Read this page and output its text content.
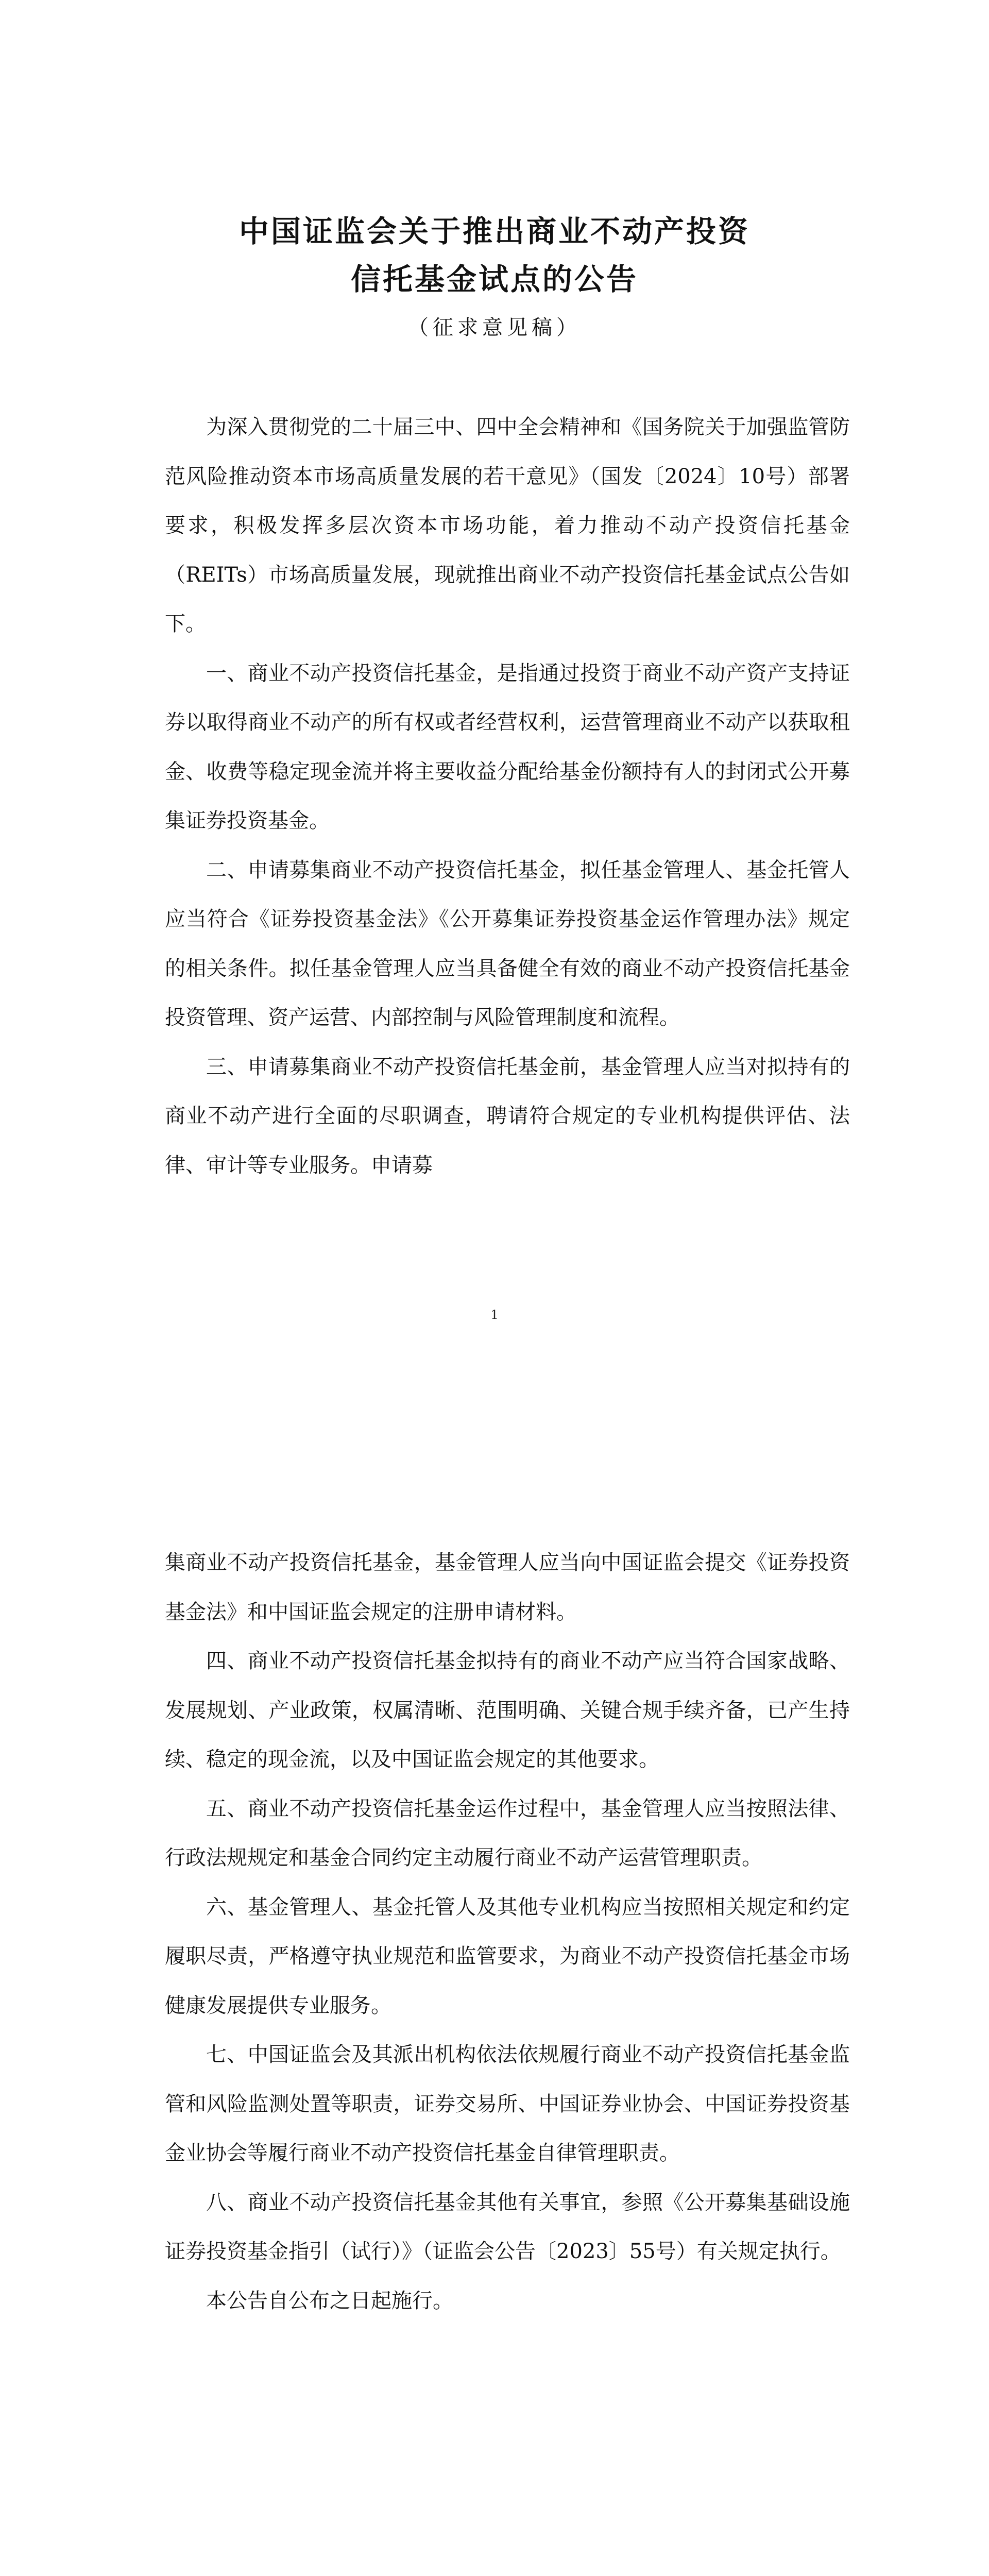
中国证监会关于推出商业不动产投资
信托基金试点的公告
（征求意见稿）

为深入贯彻党的二十届三中、四中全会精神和《国务院关于加强监管防范风险推动资本市场高质量发展的若干意见》（国发〔2024〕10号）部署要求，积极发挥多层次资本市场功能，着力推动不动产投资信托基金（REITs）市场高质量发展，现就推出商业不动产投资信托基金试点公告如下。

一、商业不动产投资信托基金，是指通过投资于商业不动产资产支持证券以取得商业不动产的所有权或者经营权利，运营管理商业不动产以获取租金、收费等稳定现金流并将主要收益分配给基金份额持有人的封闭式公开募集证券投资基金。

二、申请募集商业不动产投资信托基金，拟任基金管理人、基金托管人应当符合《证券投资基金法》《公开募集证券投资基金运作管理办法》规定的相关条件。拟任基金管理人应当具备健全有效的商业不动产投资信托基金投资管理、资产运营、内部控制与风险管理制度和流程。

三、申请募集商业不动产投资信托基金前，基金管理人应当对拟持有的商业不动产进行全面的尽职调查，聘请符合规定的专业机构提供评估、法律、审计等专业服务。申请募

1

集商业不动产投资信托基金，基金管理人应当向中国证监会提交《证券投资基金法》和中国证监会规定的注册申请材料。

四、商业不动产投资信托基金拟持有的商业不动产应当符合国家战略、发展规划、产业政策，权属清晰、范围明确、关键合规手续齐备，已产生持续、稳定的现金流，以及中国证监会规定的其他要求。

五、商业不动产投资信托基金运作过程中，基金管理人应当按照法律、行政法规规定和基金合同约定主动履行商业不动产运营管理职责。

六、基金管理人、基金托管人及其他专业机构应当按照相关规定和约定履职尽责，严格遵守执业规范和监管要求，为商业不动产投资信托基金市场健康发展提供专业服务。

七、中国证监会及其派出机构依法依规履行商业不动产投资信托基金监管和风险监测处置等职责，证券交易所、中国证券业协会、中国证券投资基金业协会等履行商业不动产投资信托基金自律管理职责。

八、商业不动产投资信托基金其他有关事宜，参照《公开募集基础设施证券投资基金指引（试行）》（证监会公告〔2023〕55号）有关规定执行。

本公告自公布之日起施行。
